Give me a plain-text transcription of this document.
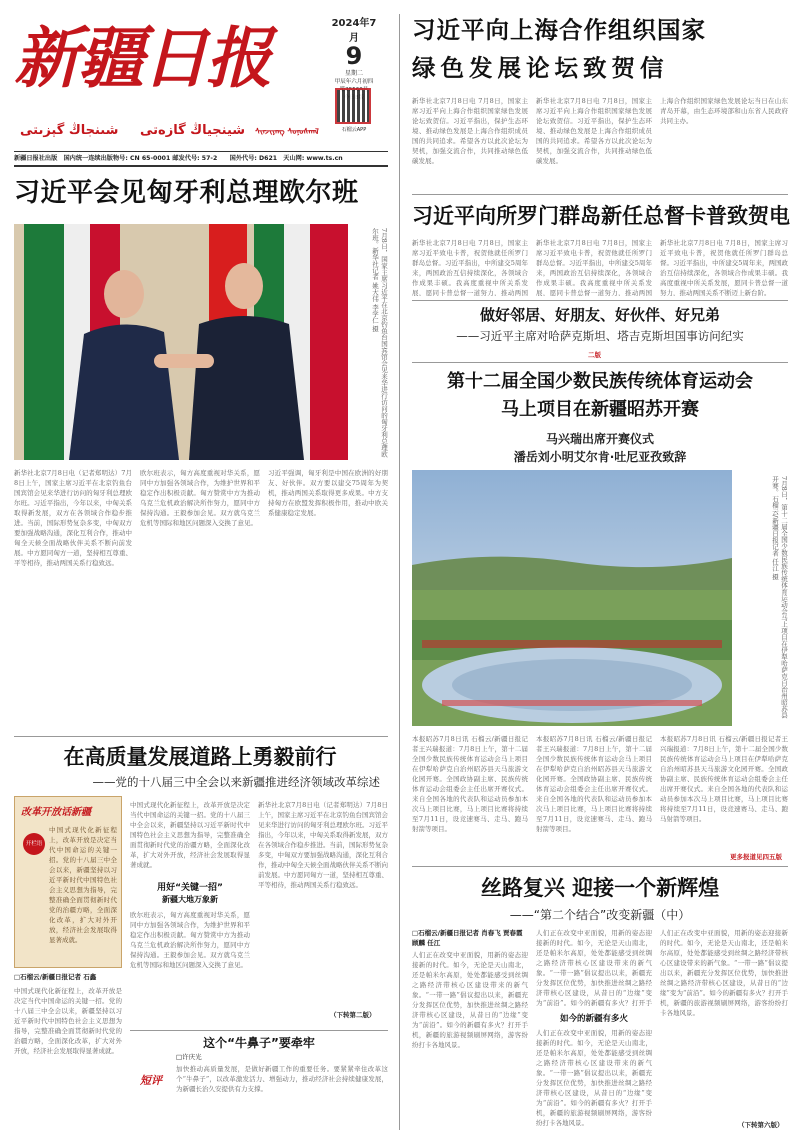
新疆日报	2024年7月
9
星期二
甲辰年六月初四
石榴云APP
شىنجاڭ گېزىتى شينجياڭ گازەتى ᠰᠢᠨᠵᠢᠶᠠᠩ ᠰᠣᠨᠣᠰᠬᠠᠯ
新疆日报社出版　国内统一连续出版物号: CN 65-0001 邮发代号: 57-2　　国外代号: D621　天山网: www.ts.cn
习近平会见匈牙利总理欧尔班
7月8日，国家主席习近平在北京钓鱼台国宾馆会见来华进行访问的匈牙利总理欧尔班。新华社记者 姚大伟 李学仁 摄
新华社北京7月8日电（记者郑明达）7月8日上午，国家主席习近平在北京钓鱼台国宾馆会见来华进行访问的匈牙利总理欧尔班。习近平指出，今年以来，中匈关系取得新发展，双方在各领域合作稳步推进。当前，国际形势复杂多变，中匈双方要加强战略沟通，深化互利合作，推动中匈全天候全面战略伙伴关系不断向前发展。中方愿同匈方一道，坚持相互尊重、平等相待，推动两国关系行稳致远。
欧尔班表示，匈方高度重视对华关系，愿同中方加强各领域合作，为维护世界和平稳定作出积极贡献。匈方赞赏中方为推动乌克兰危机政治解决所作努力，愿同中方保持沟通。王毅参加会见。双方就乌克兰危机等国际和地区问题深入交换了意见。
习近平强调，匈牙利是中国在欧洲的好朋友、好伙伴。双方要以建交75周年为契机，推动两国关系取得更多成果。中方支持匈方在欧盟发挥积极作用，推动中欧关系健康稳定发展。
在高质量发展道路上勇毅前行
——党的十八届三中全会以来新疆推进经济领域改革综述
改革开放话新疆
开栏语
中国式现代化新征程上，改革开放是决定当代中国命运的关键一招。党的十八届三中全会以来，新疆坚持以习近平新时代中国特色社会主义思想为指导，完整准确全面贯彻新时代党的治疆方略，全面深化改革，扩大对外开放，经济社会发展取得显著成就。
□石榴云/新疆日报记者 石鑫
中国式现代化新征程上，改革开放是决定当代中国命运的关键一招。党的十八届三中全会以来，新疆坚持以习近平新时代中国特色社会主义思想为指导，完整准确全面贯彻新时代党的治疆方略，全面深化改革，扩大对外开放，经济社会发展取得显著成就。
中国式现代化新征程上，改革开放是决定当代中国命运的关键一招。党的十八届三中全会以来，新疆坚持以习近平新时代中国特色社会主义思想为指导，完整准确全面贯彻新时代党的治疆方略，全面深化改革，扩大对外开放，经济社会发展取得显著成就。
用好“关键一招”
新疆大地万象新
欧尔班表示，匈方高度重视对华关系，愿同中方加强各领域合作，为维护世界和平稳定作出积极贡献。匈方赞赏中方为推动乌克兰危机政治解决所作努力，愿同中方保持沟通。王毅参加会见。双方就乌克兰危机等国际和地区问题深入交换了意见。
新华社北京7月8日电（记者郑明达）7月8日上午，国家主席习近平在北京钓鱼台国宾馆会见来华进行访问的匈牙利总理欧尔班。习近平指出，今年以来，中匈关系取得新发展，双方在各领域合作稳步推进。当前，国际形势复杂多变，中匈双方要加强战略沟通，深化互利合作，推动中匈全天候全面战略伙伴关系不断向前发展。中方愿同匈方一道，坚持相互尊重、平等相待，推动两国关系行稳致远。
（下转第二版）
这个“牛鼻子”要牵牢
□许庆光
短评
加快推动高质量发展，是做好新疆工作的重要任务。要紧紧牵住改革这个“牛鼻子”，以改革激发活力、增强动力，推动经济社会持续健康发展，为新疆长治久安提供有力支撑。
习近平向上海合作组织国家
绿色发展论坛致贺信
新华社北京7月8日电 7月8日，国家主席习近平向上海合作组织国家绿色发展论坛致贺信。习近平指出，保护生态环境、推动绿色发展是上海合作组织成员国的共同追求。希望各方以此次论坛为契机，加强交流合作，共同推动绿色低碳发展。
新华社北京7月8日电 7月8日，国家主席习近平向上海合作组织国家绿色发展论坛致贺信。习近平指出，保护生态环境、推动绿色发展是上海合作组织成员国的共同追求。希望各方以此次论坛为契机，加强交流合作，共同推动绿色低碳发展。
上海合作组织国家绿色发展论坛当日在山东青岛开幕，由生态环境部和山东省人民政府共同主办。
习近平向所罗门群岛新任总督卡普致贺电
新华社北京7月8日电 7月8日，国家主席习近平致电卡普，祝贺他就任所罗门群岛总督。习近平指出，中所建交5周年来，两国政治互信持续深化，各领域合作成果丰硕。我高度重视中所关系发展，愿同卡普总督一道努力，推动两国
新华社北京7月8日电 7月8日，国家主席习近平致电卡普，祝贺他就任所罗门群岛总督。习近平指出，中所建交5周年来，两国政治互信持续深化，各领域合作成果丰硕。我高度重视中所关系发展，愿同卡普总督一道努力，推动两国
新华社北京7月8日电 7月8日，国家主席习近平致电卡普，祝贺他就任所罗门群岛总督。习近平指出，中所建交5周年来，两国政治互信持续深化，各领域合作成果丰硕。我高度重视中所关系发展，愿同卡普总督一道努力，推动两国关系不断迈上新台阶。
做好邻居、好朋友、好伙伴、好兄弟
——习近平主席对哈萨克斯坦、塔吉克斯坦国事访问纪实
二版
第十二届全国少数民族传统体育运动会
马上项目在新疆昭苏开赛
马兴瑞出席开赛仪式
潘岳刘小明艾尔肯·吐尼亚孜致辞
7月8日，第十二届全国少数民族传统体育运动会马上项目在伊犁哈萨克自治州昭苏县开赛。石榴云/新疆日报记者 任江 摄
本报昭苏7月8日讯 石榴云/新疆日报记者王兴瑞报道：7月8日上午，第十二届全国少数民族传统体育运动会马上项目在伊犁哈萨克自治州昭苏县天马旅游文化园开赛。全国政协副主席、民族传统体育运动会组委会主任出席开赛仪式。来自全国各地的代表队和运动员参加本次马上项目比赛，马上项目比赛将持续至7月11日，设竞速赛马、走马、跑马射箭等项目。
本报昭苏7月8日讯 石榴云/新疆日报记者王兴瑞报道：7月8日上午，第十二届全国少数民族传统体育运动会马上项目在伊犁哈萨克自治州昭苏县天马旅游文化园开赛。全国政协副主席、民族传统体育运动会组委会主任出席开赛仪式。来自全国各地的代表队和运动员参加本次马上项目比赛，马上项目比赛将持续至7月11日，设竞速赛马、走马、跑马射箭等项目。
本报昭苏7月8日讯 石榴云/新疆日报记者王兴瑞报道：7月8日上午，第十二届全国少数民族传统体育运动会马上项目在伊犁哈萨克自治州昭苏县天马旅游文化园开赛。全国政协副主席、民族传统体育运动会组委会主任出席开赛仪式。来自全国各地的代表队和运动员参加本次马上项目比赛，马上项目比赛将持续至7月11日，设竞速赛马、走马、跑马射箭等项目。
更多报道见四五版
丝路复兴 迎接一个新辉煌
——“第二个结合”改变新疆（中）
□石榴云/新疆日报记者 肖春飞 贾春霞 顾麟 任江
人们正在改变中亚面貌，用新的姿态迎接新的时代。如今，无论是天山南北，还是帕米尔高原，处处都能感受到丝绸之路经济带核心区建设带来的新气象。“一带一路”倡议提出以来，新疆充分发挥区位优势，加快推进丝绸之路经济带核心区建设，从昔日的“边缘”变为“前沿”。如今的新疆有多火？打开手机，新疆的旅游视频刷屏网络，游客纷纷打卡各地风景。
人们正在改变中亚面貌，用新的姿态迎接新的时代。如今，无论是天山南北，还是帕米尔高原，处处都能感受到丝绸之路经济带核心区建设带来的新气象。“一带一路”倡议提出以来，新疆充分发挥区位优势，加快推进丝绸之路经济带核心区建设，从昔日的“边缘”变为“前沿”。如今的新疆有多火？打开手
如今的新疆有多火
人们正在改变中亚面貌，用新的姿态迎接新的时代。如今，无论是天山南北，还是帕米尔高原，处处都能感受到丝绸之路经济带核心区建设带来的新气象。“一带一路”倡议提出以来，新疆充分发挥区位优势，加快推进丝绸之路经济带核心区建设，从昔日的“边缘”变为“前沿”。如今的新疆有多火？打开手机，新疆的旅游视频刷屏网络，游客纷纷打卡各地风景。
人们正在改变中亚面貌，用新的姿态迎接新的时代。如今，无论是天山南北，还是帕米尔高原，处处都能感受到丝绸之路经济带核心区建设带来的新气象。“一带一路”倡议提出以来，新疆充分发挥区位优势，加快推进丝绸之路经济带核心区建设，从昔日的“边缘”变为“前沿”。如今的新疆有多火？打开手机，新疆的旅游视频刷屏网络，游客纷纷打卡各地风景。
（下转第六版）
